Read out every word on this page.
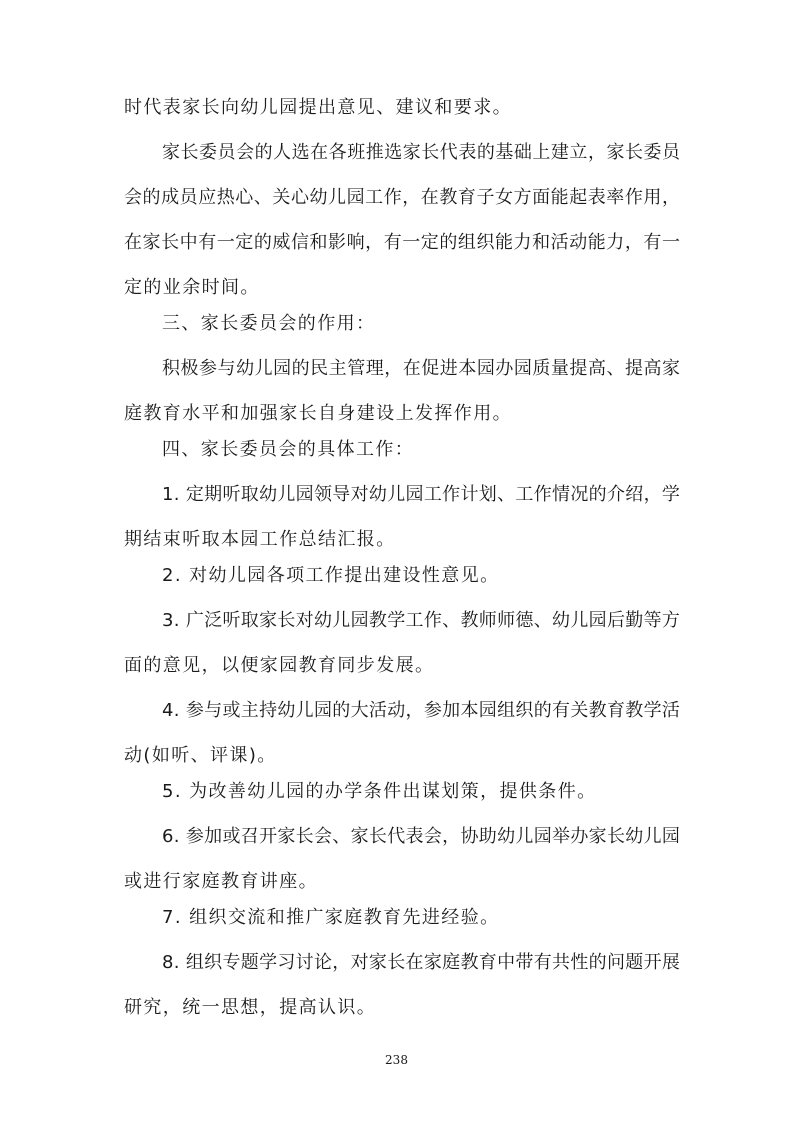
时代表家长向幼儿园提出意见、建议和要求。
家长委员会的人选在各班推选家长代表的基础上建立，家长委员
会的成员应热心、关心幼儿园工作，在教育子女方面能起表率作用，
在家长中有一定的威信和影响，有一定的组织能力和活动能力，有一
定的业余时间。
三、家长委员会的作用：
积极参与幼儿园的民主管理，在促进本园办园质量提高、提高家
庭教育水平和加强家长自身建设上发挥作用。
四、家长委员会的具体工作：
1. 定期听取幼儿园领导对幼儿园工作计划、工作情况的介绍，学
期结束听取本园工作总结汇报。
2. 对幼儿园各项工作提出建设性意见。
3. 广泛听取家长对幼儿园教学工作、教师师德、幼儿园后勤等方
面的意见，以便家园教育同步发展。
4. 参与或主持幼儿园的大活动，参加本园组织的有关教育教学活
动(如听、评课)。
5. 为改善幼儿园的办学条件出谋划策，提供条件。
6. 参加或召开家长会、家长代表会，协助幼儿园举办家长幼儿园
或进行家庭教育讲座。
7. 组织交流和推广家庭教育先进经验。
8. 组织专题学习讨论，对家长在家庭教育中带有共性的问题开展
研究，统一思想，提高认识。
238
